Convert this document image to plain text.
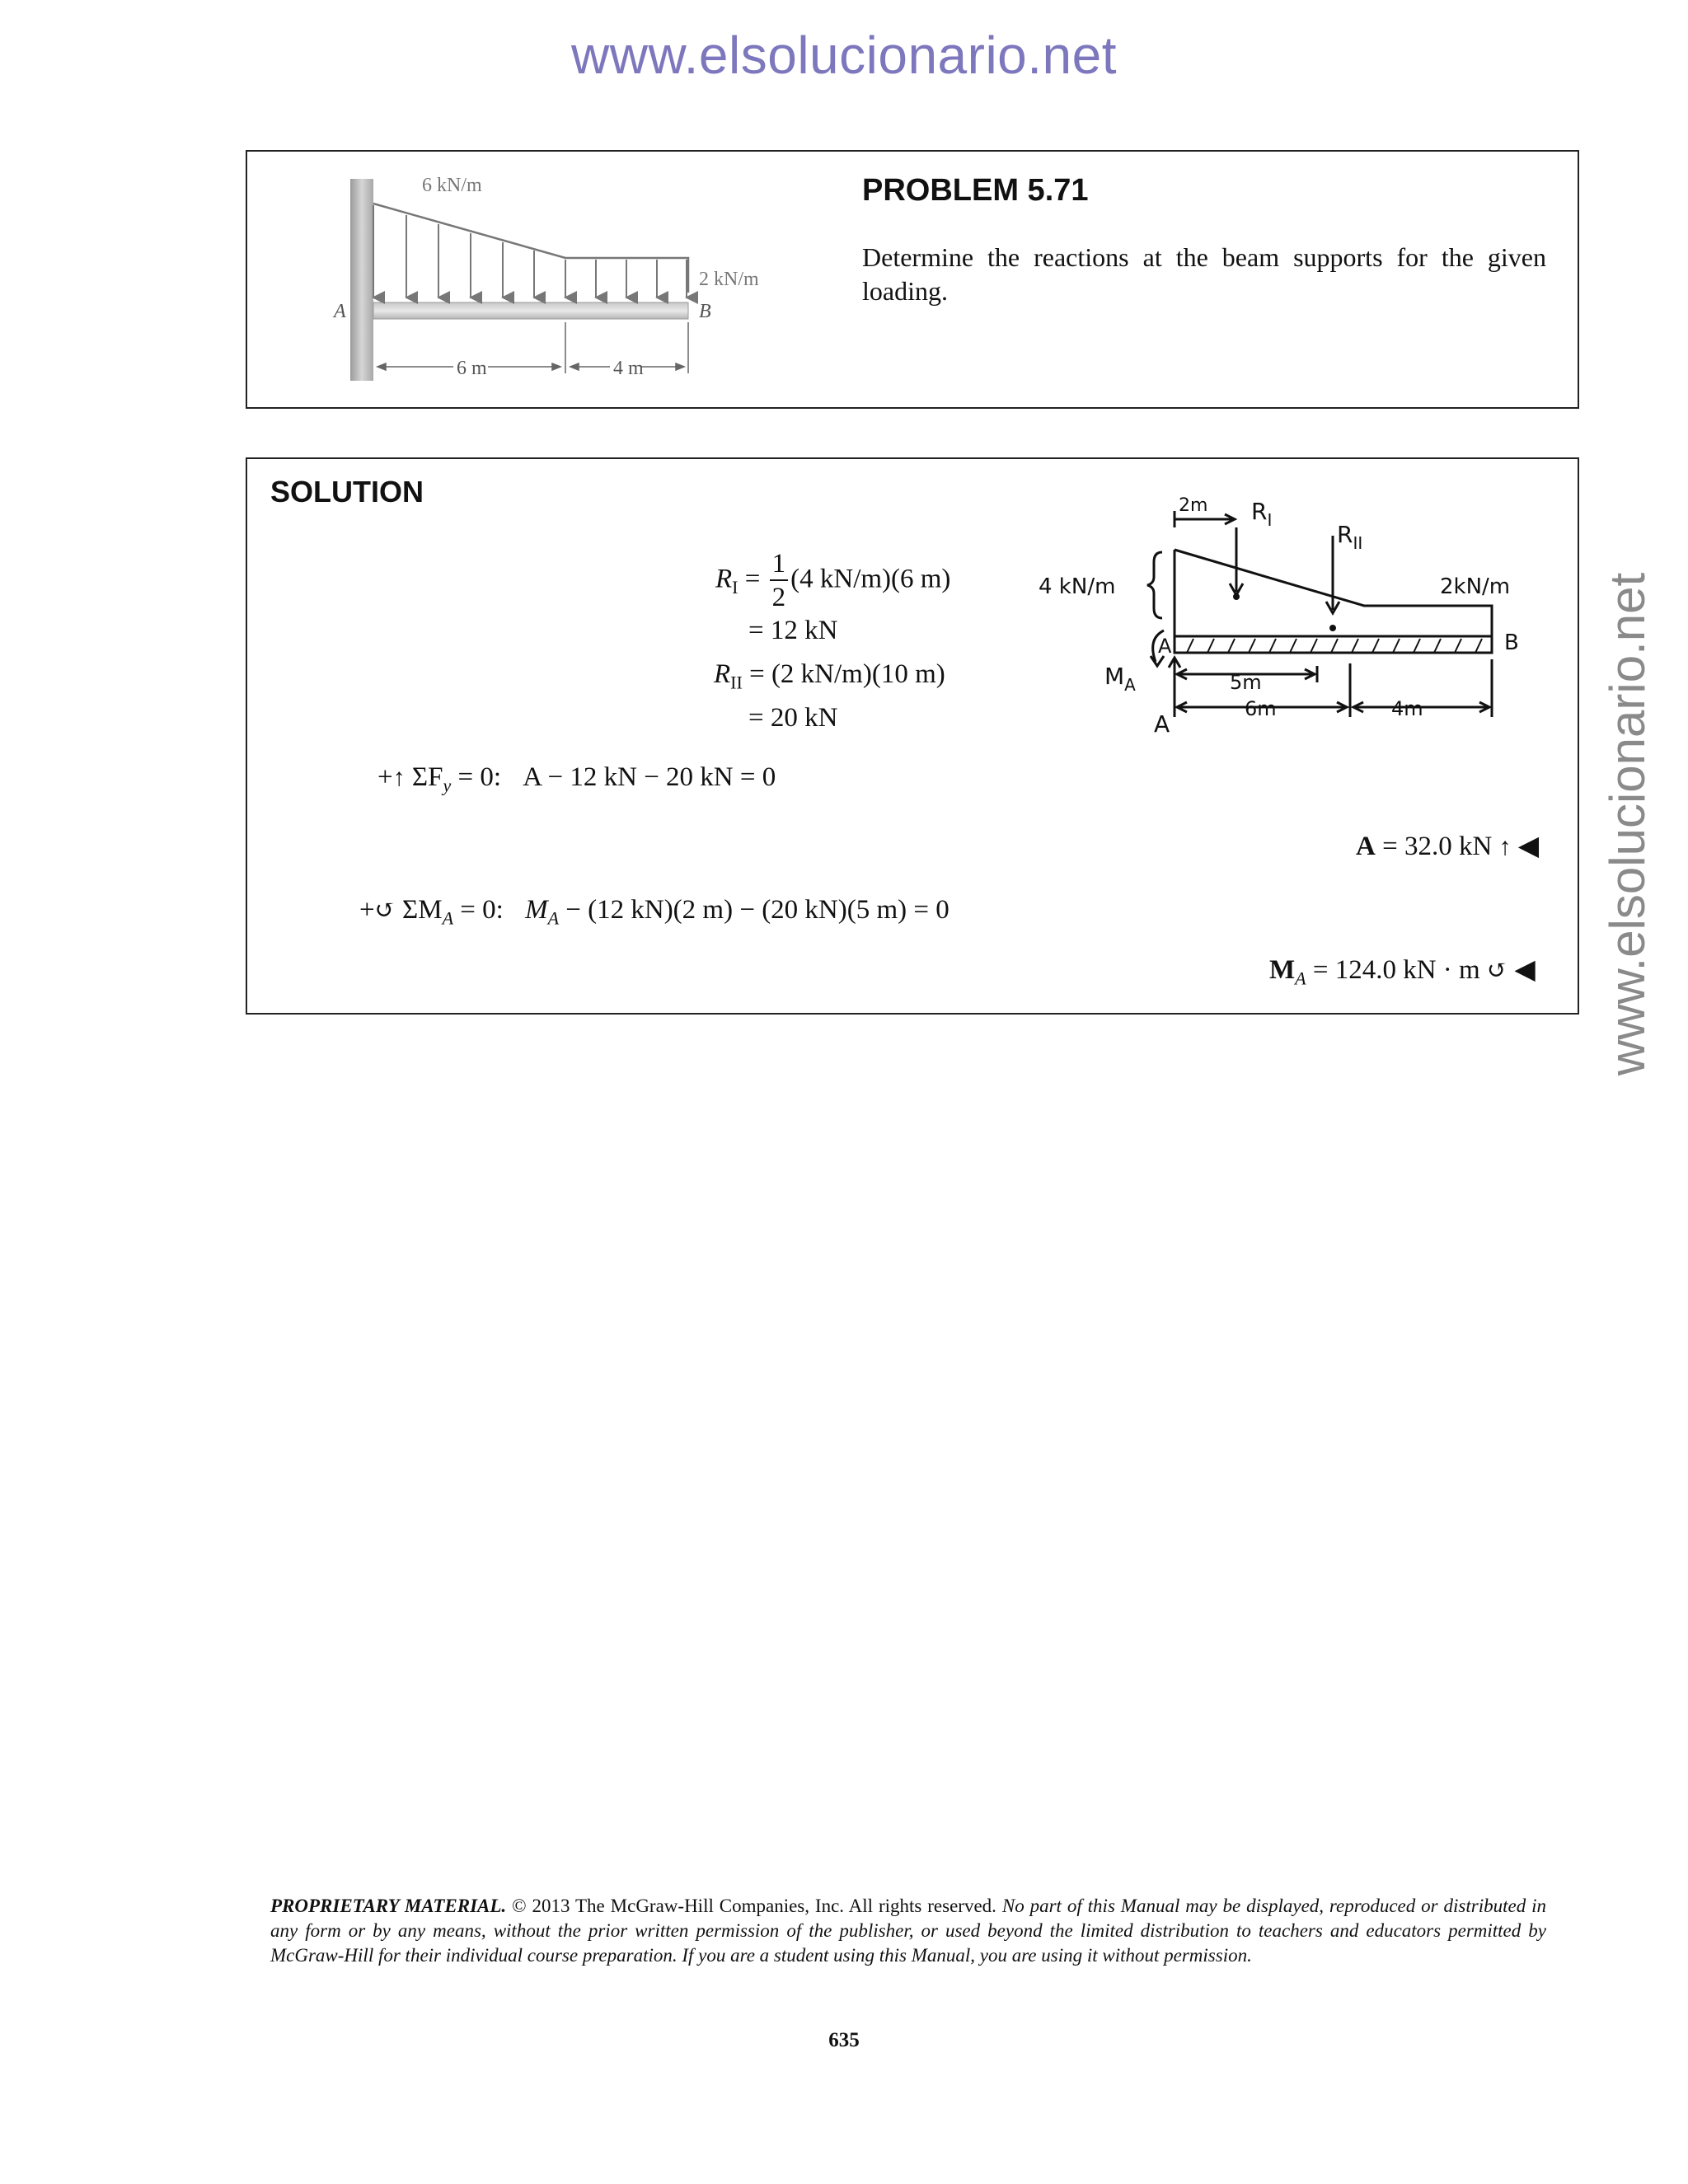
www.elsolucionario.net
www.elsolucionario.net
6 kN/m
2 kN/m
A	B
6 m	4 m
PROBLEM 5.71
Determine the reactions at the beam supports for the given loading.
SOLUTION
$R_I = \frac{1}{2} (4$ kN/m)(6 m)
= 12 kN
$R_{II} = (2$ kN/m)(10 m)
= 20 kN
+↑ $\Sigma F_y = 0$: A − 12 kN − 20 kN = 0
A = 32.0 kN ↑ ◀
+↺ $\Sigma M_A = 0$: $M_A - (12$ kN)(2 m) − (20 kN)(5 m) = 0
$M_A = 124.0$ kN · m ↺ ◀
2m $R_I$
$R_{II}$
4 kN/m	2kN/m
A	B
$M_A$
A
5m
6m	4m
PROPRIETARY MATERIAL. © 2013 The McGraw-Hill Companies, Inc. All rights reserved. No part of this Manual may be displayed, reproduced or distributed in any form or by any means, without the prior written permission of the publisher, or used beyond the limited distribution to teachers and educators permitted by McGraw-Hill for their individual course preparation. If you are a student using this Manual, you are using it without permission.
635
